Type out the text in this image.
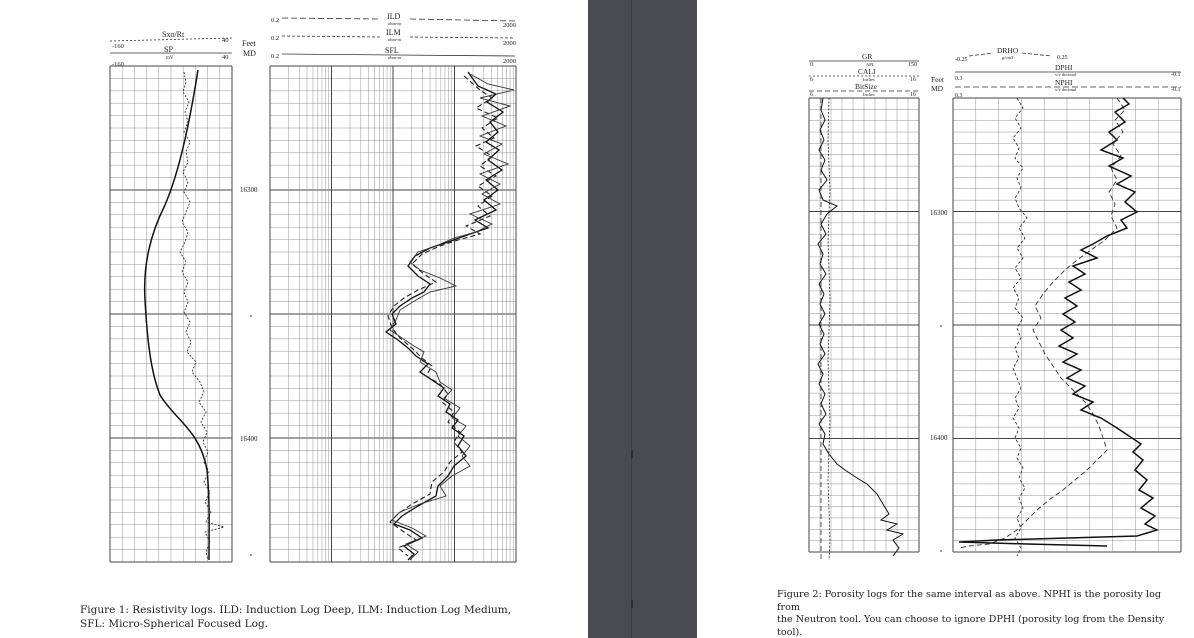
Sxo/Rt
-160
40
SP
mV
-160
40
Feet
MD
0.2	ILD
ohm-m	2000
0.2
ILM
ohm-m
2000
0.2
SFL
ohm-m
2000
16300
16400
Figure 1: Resistivity logs. ILD: Induction Log Deep, ILM: Induction Log Medium,
SFL: Micro-Spherical Focused Log.
GR
0	API	150
CALI
6	Inches	16
BitSize
6	Inches	16
Feet
MD
-0.25
DRHO
g/cm3	0.25
DPHI
v/v decimal
0.3
-0.1
NPHI
v/v decimal
0.3
-0.1
16300
16400
Figure 2: Porosity logs for the same interval as above. NPHI is the porosity log from
the Neutron tool. You can choose to ignore DPHI (porosity log from the Density
tool).
